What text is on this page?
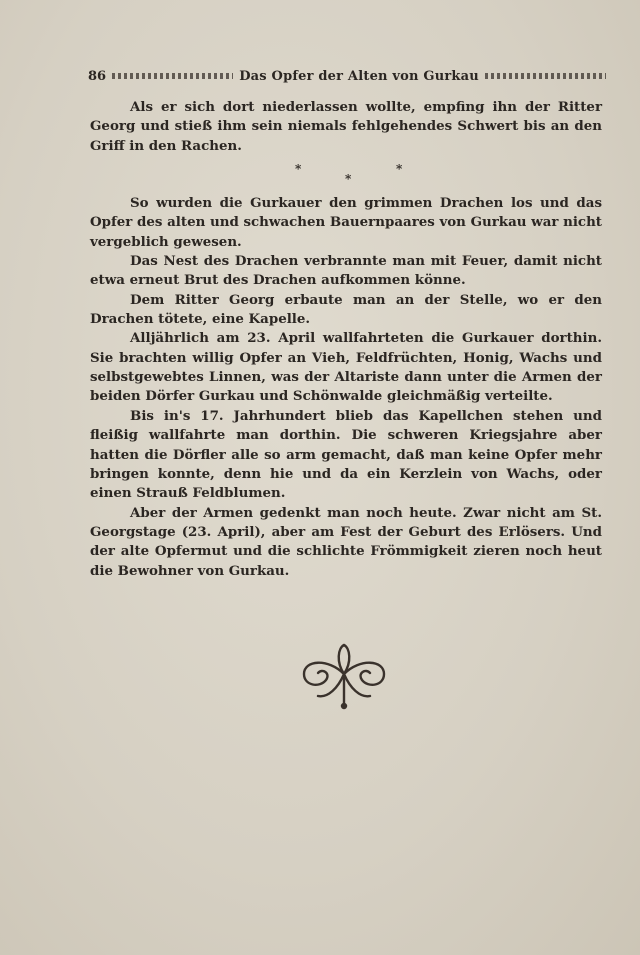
86	Das Opfer der Alten von Gurkau

Als er sich dort niederlassen wollte, empfing ihn der Ritter Georg und stieß ihm sein niemals fehlgehendes Schwert bis an den Griff in den Rachen.

*	*
*

So wurden die Gurkauer den grimmen Drachen los und das Opfer des alten und schwachen Bauernpaares von Gurkau war nicht vergeblich gewesen.

Das Nest des Drachen verbrannte man mit Feuer, damit nicht etwa erneut Brut des Drachen aufkommen könne.

Dem Ritter Georg erbaute man an der Stelle, wo er den Drachen tötete, eine Kapelle.

Alljährlich am 23. April wallfahrteten die Gurkauer dorthin. Sie brachten willig Opfer an Vieh, Feldfrüchten, Honig, Wachs und selbstgewebtes Linnen, was der Altariste dann unter die Armen der beiden Dörfer Gurkau und Schönwalde gleichmäßig verteilte.

Bis in's 17. Jahrhundert blieb das Kapellchen stehen und fleißig wallfahrte man dorthin. Die schweren Kriegsjahre aber hatten die Dörfler alle so arm gemacht, daß man keine Opfer mehr bringen konnte, denn hie und da ein Kerzlein von Wachs, oder einen Strauß Feldblumen.

Aber der Armen gedenkt man noch heute. Zwar nicht am St. Georgstage (23. April), aber am Fest der Geburt des Erlösers. Und der alte Opfermut und die schlichte Frömmigkeit zieren noch heut die Bewohner von Gurkau.
